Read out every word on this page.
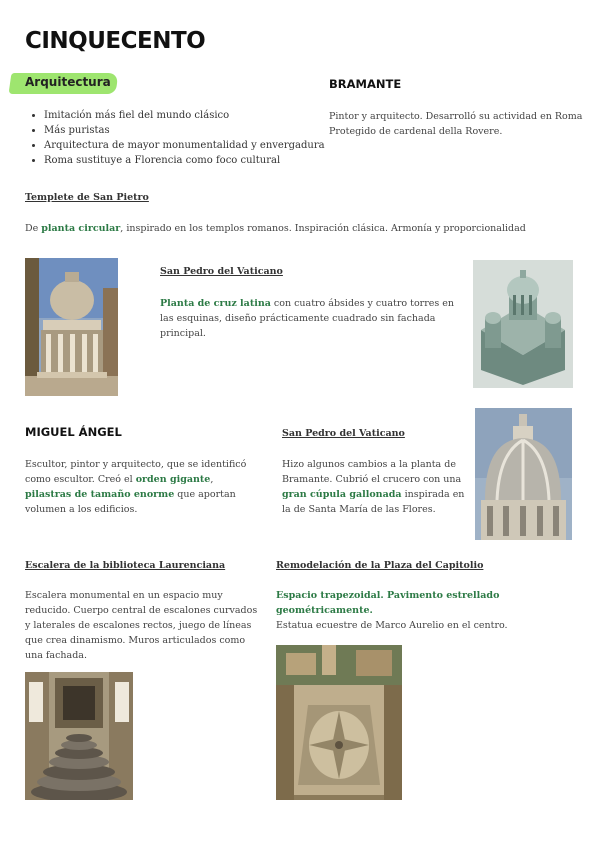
CINQUECENTO
Arquitectura
• Imitación más fiel del mundo clásico
• Más puristas
• Arquitectura de mayor monumentalidad y envergadura
• Roma sustituye a Florencia como foco cultural
BRAMANTE
Pintor y arquitecto. Desarrolló su actividad en Roma Protegido de cardenal della Rovere.
Templete de San Pietro
De planta circular, inspirado en los templos romanos. Inspiración clásica. Armonía y proporcionalidad
San Pedro del Vaticano
Planta de cruz latina con cuatro ábsides y cuatro torres en las esquinas, diseño prácticamente cuadrado sin fachada principal.
MIGUEL ÁNGEL
Escultor, pintor y arquitecto, que se identificó como escultor. Creó el orden gigante, pilastras de tamaño enorme que aportan volumen a los edificios.
San Pedro del Vaticano
Hizo algunos cambios a la planta de Bramante. Cubrió el crucero con una gran cúpula gallonada inspirada en la de Santa María de las Flores.
Escalera de la biblioteca Laurenciana
Escalera monumental en un espacio muy reducido. Cuerpo central de escalones curvados y laterales de escalones rectos, juego de líneas que crea dinamismo. Muros articulados como una fachada.
Remodelación de la Plaza del Capitolio
Espacio trapezoidal. Pavimento estrellado geométricamente.
Estatua ecuestre de Marco Aurelio en el centro.
